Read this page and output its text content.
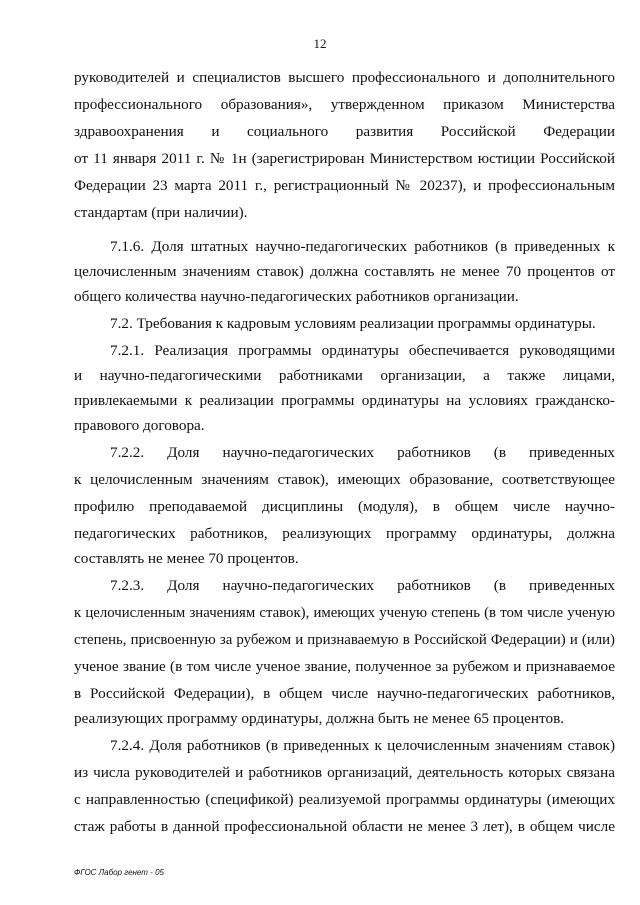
12
руководителей и специалистов высшего профессионального и дополнительного
профессионального образования», утвержденном приказом Министерства
здравоохранения и социального развития Российской Федерации
от 11 января 2011 г. № 1н (зарегистрирован Министерством юстиции Российской
Федерации 23 марта 2011 г., регистрационный № 20237), и профессиональным
стандартам (при наличии).
7.1.6. Доля штатных научно-педагогических работников (в приведенных к
целочисленным значениям ставок) должна составлять не менее 70 процентов от
общего количества научно-педагогических работников организации.
7.2. Требования к кадровым условиям реализации программы ординатуры.
7.2.1. Реализация программы ординатуры обеспечивается руководящими
и научно-педагогическими работниками организации, а также лицами,
привлекаемыми к реализации программы ординатуры на условиях гражданско-
правового договора.
7.2.2. Доля научно-педагогических работников (в приведенных
к целочисленным значениям ставок), имеющих образование, соответствующее
профилю преподаваемой дисциплины (модуля), в общем числе научно-
педагогических работников, реализующих программу ординатуры, должна
составлять не менее 70 процентов.
7.2.3. Доля научно-педагогических работников (в приведенных
к целочисленным значениям ставок), имеющих ученую степень (в том числе ученую
степень, присвоенную за рубежом и признаваемую в Российской Федерации) и (или)
ученое звание (в том числе ученое звание, полученное за рубежом и признаваемое
в Российской Федерации), в общем числе научно-педагогических работников,
реализующих программу ординатуры, должна быть не менее 65 процентов.
7.2.4. Доля работников (в приведенных к целочисленным значениям ставок)
из числа руководителей и работников организаций, деятельность которых связана
с направленностью (спецификой) реализуемой программы ординатуры (имеющих
стаж работы в данной профессиональной области не менее 3 лет), в общем числе
ФГОС Лабор генет - 05
